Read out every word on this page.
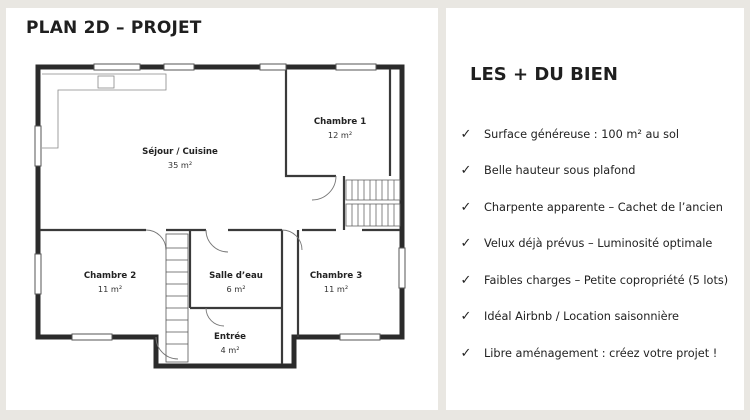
PLAN 2D – PROJET
Séjour / Cuisine
35 m²
Chambre 1
12 m²
Chambre 2
11 m²
Salle d’eau
6 m²
Chambre 3
11 m²
Entrée
4 m²
LES + DU BIEN
✓ Surface généreuse : 100 m² au sol
✓ Belle hauteur sous plafond
✓ Charpente apparente – Cachet de l’ancien
✓ Velux déjà prévus – Luminosité optimale
✓ Faibles charges – Petite copropriété (5 lots)
✓ Idéal Airbnb / Location saisonnière
✓ Libre aménagement : créez votre projet !
